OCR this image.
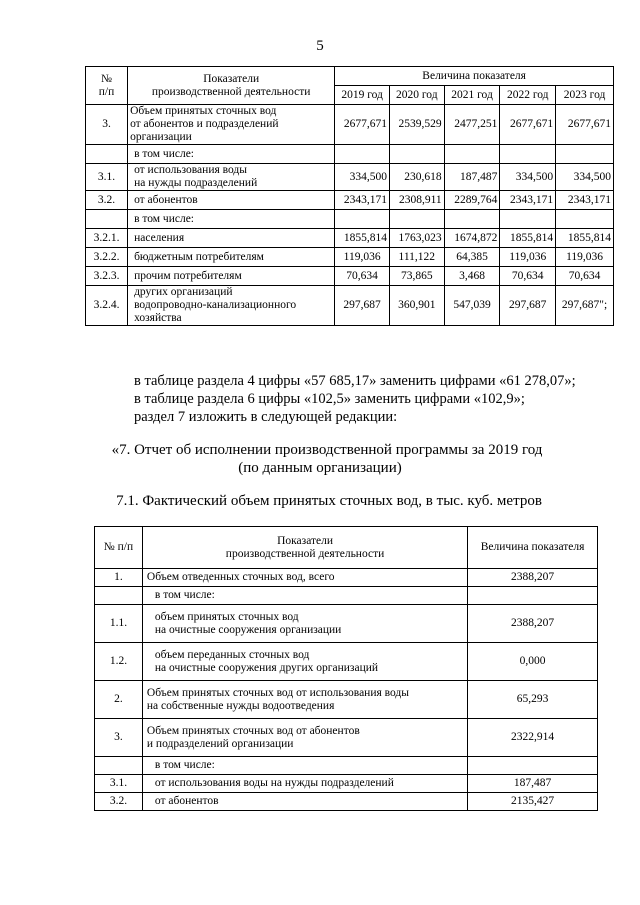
5
№
п/п	Показатели
производственной деятельности	Величина показателя				
		2019 год	2020 год	2021 год	2022 год	2023 год
3.	Объем принятых сточных вод
от абонентов и подразделений
организации	2677,671	2539,529	2477,251	2677,671	2677,671
	в том числе:					
3.1.	от использования воды
на нужды подразделений	334,500	230,618	187,487	334,500	334,500
3.2.	от абонентов	2343,171	2308,911	2289,764	2343,171	2343,171
	в том числе:					
3.2.1.	населения	1855,814	1763,023	1674,872	1855,814	1855,814
3.2.2.	бюджетным потребителям	119,036	111,122	64,385	119,036	119,036
3.2.3.	прочим потребителям	70,634	73,865	3,468	70,634	70,634
3.2.4.	других организаций
водопроводно-канализационного
хозяйства	297,687	360,901	547,039	297,687	297,687";
в таблице раздела 4 цифры «57 685,17» заменить цифрами «61 278,07»;
в таблице раздела 6 цифры «102,5» заменить цифрами «102,9»;
раздел 7 изложить в следующей редакции:
«7. Отчет об исполнении производственной программы за 2019 год
(по данным организации)
7.1. Фактический объем принятых сточных вод, в тыс. куб. метров
№ п/п	Показатели
производственной деятельности	Величина показателя
1.	Объем отведенных сточных вод, всего	2388,207
	в том числе:	
1.1.	объем принятых сточных вод
на очистные сооружения организации	2388,207
1.2.	объем переданных сточных вод
на очистные сооружения других организаций	0,000
2.	Объем принятых сточных вод от использования воды
на собственные нужды водоотведения	65,293
3.	Объем принятых сточных вод от абонентов
и подразделений организации	2322,914
	в том числе:	
3.1.	от использования воды на нужды подразделений	187,487
3.2.	от абонентов	2135,427
